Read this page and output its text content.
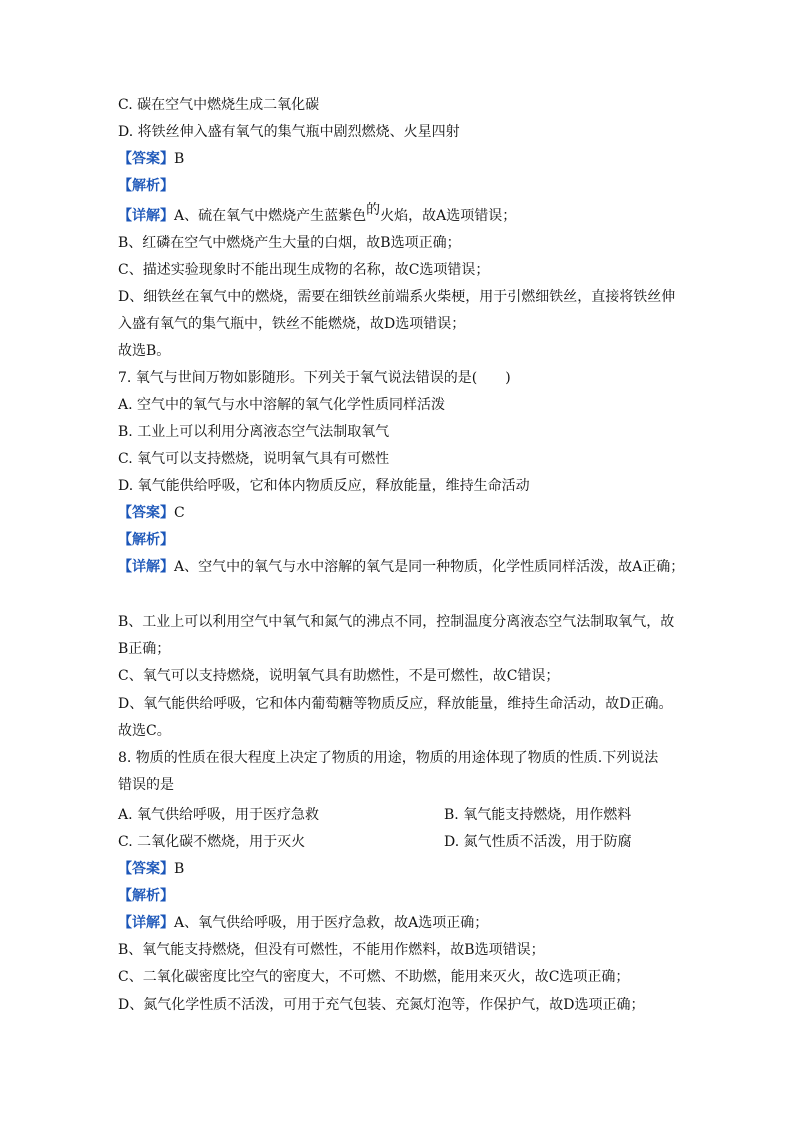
C. 碳在空气中燃烧生成二氧化碳
D. 将铁丝伸入盛有氧气的集气瓶中剧烈燃烧、火星四射
【答案】B
【解析】
【详解】A、硫在氧气中燃烧产生蓝紫色的火焰，故A选项错误；
B、红磷在空气中燃烧产生大量的白烟，故B选项正确；
C、描述实验现象时不能出现生成物的名称，故C选项错误；
D、细铁丝在氧气中的燃烧，需要在细铁丝前端系火柴梗，用于引燃细铁丝，直接将铁丝伸
入盛有氧气的集气瓶中，铁丝不能燃烧，故D选项错误；
故选B。
7. 氧气与世间万物如影随形。下列关于氧气说法错误的是(　　)
A. 空气中的氧气与水中溶解的氧气化学性质同样活泼
B. 工业上可以利用分离液态空气法制取氧气
C. 氧气可以支持燃烧，说明氧气具有可燃性
D. 氧气能供给呼吸，它和体内物质反应，释放能量，维持生命活动
【答案】C
【解析】
【详解】A、空气中的氧气与水中溶解的氧气是同一种物质，化学性质同样活泼，故A正确；
B、工业上可以利用空气中氧气和氮气的沸点不同，控制温度分离液态空气法制取氧气，故
B正确；
C、氧气可以支持燃烧，说明氧气具有助燃性，不是可燃性，故C错误；
D、氧气能供给呼吸，它和体内葡萄糖等物质反应，释放能量，维持生命活动，故D正确。
故选C。
8. 物质的性质在很大程度上决定了物质的用途，物质的用途体现了物质的性质.下列说法
错误的是
A. 氧气供给呼吸，用于医疗急救	B. 氧气能支持燃烧，用作燃料
C. 二氧化碳不燃烧，用于灭火	D. 氮气性质不活泼，用于防腐
【答案】B
【解析】
【详解】A、氧气供给呼吸，用于医疗急救，故A选项正确；
B、氧气能支持燃烧，但没有可燃性，不能用作燃料，故B选项错误；
C、二氧化碳密度比空气的密度大，不可燃、不助燃，能用来灭火，故C选项正确；
D、氮气化学性质不活泼，可用于充气包装、充氮灯泡等，作保护气，故D选项正确；
